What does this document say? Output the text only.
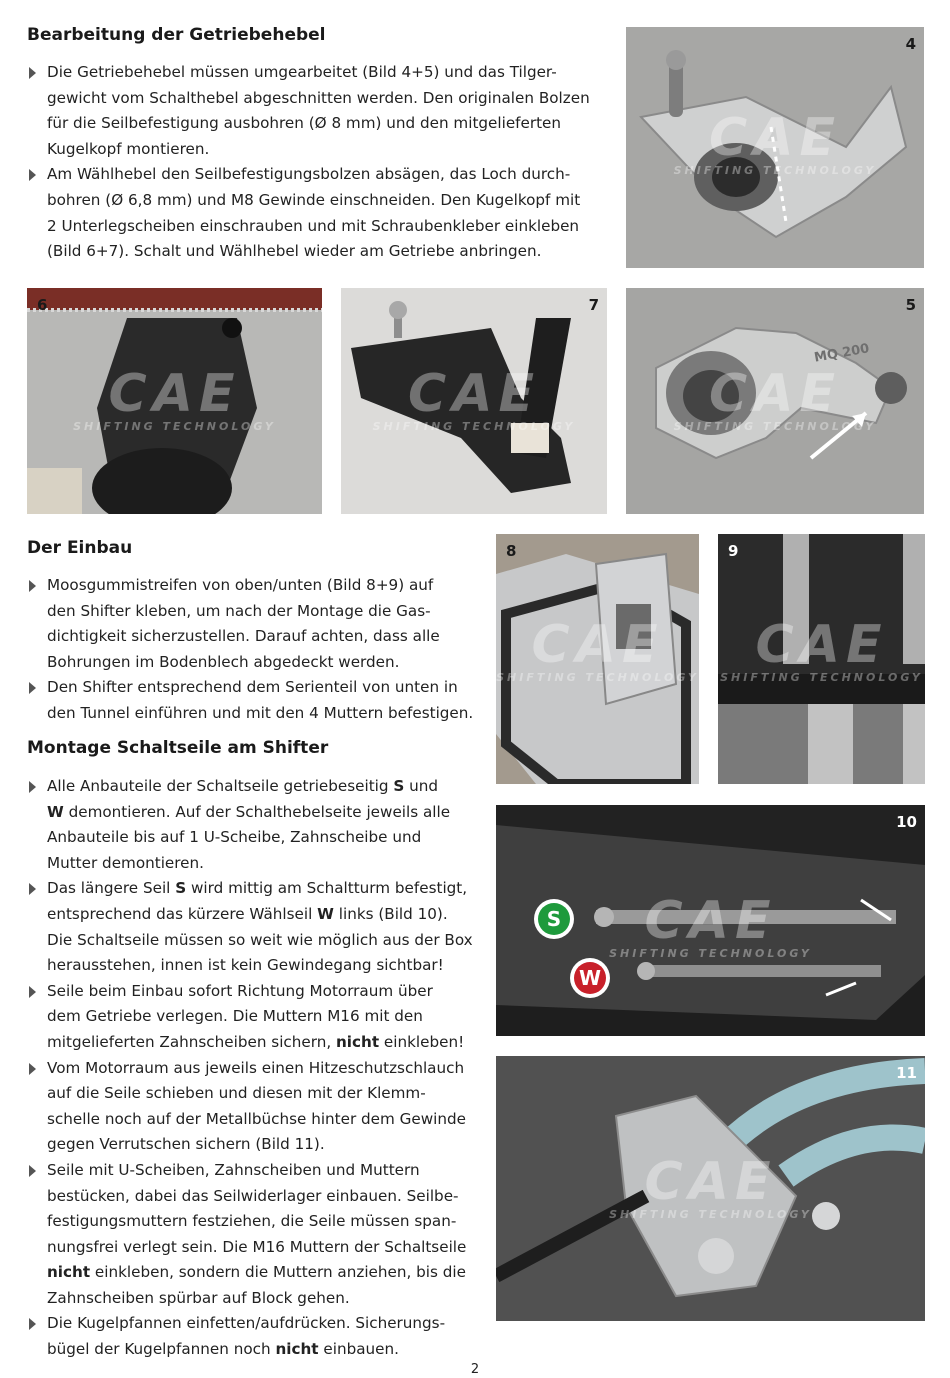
Bearbeitung der Getriebehebel
Die Getriebehebel müssen umgearbeitet (Bild 4+5) und das Tilger-
gewicht vom Schalthebel abgeschnitten werden. Den originalen Bolzen
für die Seilbefestigung ausbohren (Ø 8 mm) und den mitgelieferten
Kugelkopf montieren.
Am Wählhebel den Seilbefestigungsbolzen absägen, das Loch durch-
bohren (Ø 6,8 mm) und M8 Gewinde einschneiden. Den Kugelkopf mit
2 Unterlegscheiben einschrauben und mit Schraubenkleber einkleben
(Bild 6+7). Schalt und Wählhebel wieder am Getriebe anbringen.
CAE
SHIFTING TECHNOLOGY
4
CAE
SHIFTING TECHNOLOGY
6
CAE
SHIFTING TECHNOLOGY
7
CAE
SHIFTING TECHNOLOGY
MQ 200
5
Der Einbau
Moosgummistreifen von oben/unten (Bild 8+9) auf
den Shifter kleben, um nach der Montage die Gas-
dichtigkeit sicherzustellen. Darauf achten, dass alle
Bohrungen im Bodenblech abgedeckt werden.
Den Shifter entsprechend dem Serienteil von unten in
den Tunnel einführen und mit den 4 Muttern befestigen.
Montage Schaltseile am Shifter
Alle Anbauteile der Schaltseile getriebeseitig S und
W demontieren. Auf der Schalthebelseite jeweils alle
Anbauteile bis auf 1 U-Scheibe, Zahnscheibe und
Mutter demontieren.
Das längere Seil S wird mittig am Schaltturm befestigt,
entsprechend das kürzere Wählseil W links (Bild 10).
Die Schaltseile müssen so weit wie möglich aus der Box
herausstehen, innen ist kein Gewindegang sichtbar!
Seile beim Einbau sofort Richtung Motorraum über
dem Getriebe verlegen. Die Muttern M16 mit den
mitgelieferten Zahnscheiben sichern, nicht einkleben!
Vom Motorraum aus jeweils einen Hitzeschutzschlauch
auf die Seile schieben und diesen mit der Klemm-
schelle noch auf der Metallbüchse hinter dem Gewinde
gegen Verrutschen sichern (Bild 11).
Seile mit U-Scheiben, Zahnscheiben und Muttern
bestücken, dabei das Seilwiderlager einbauen. Seilbe-
festigungsmuttern festziehen, die Seile müssen span-
nungsfrei verlegt sein. Die M16 Muttern der Schaltseile
nicht einkleben, sondern die Muttern anziehen, bis die
Zahnscheiben spürbar auf Block gehen.
Die Kugelpfannen einfetten/aufdrücken. Sicherungs-
bügel der Kugelpfannen noch nicht einbauen.
CAE
SHIFTING TECHNOLOGY
8
CAE
SHIFTING TECHNOLOGY
9
S
W
CAE
SHIFTING TECHNOLOGY
10
CAE
SHIFTING TECHNOLOGY
11
2
